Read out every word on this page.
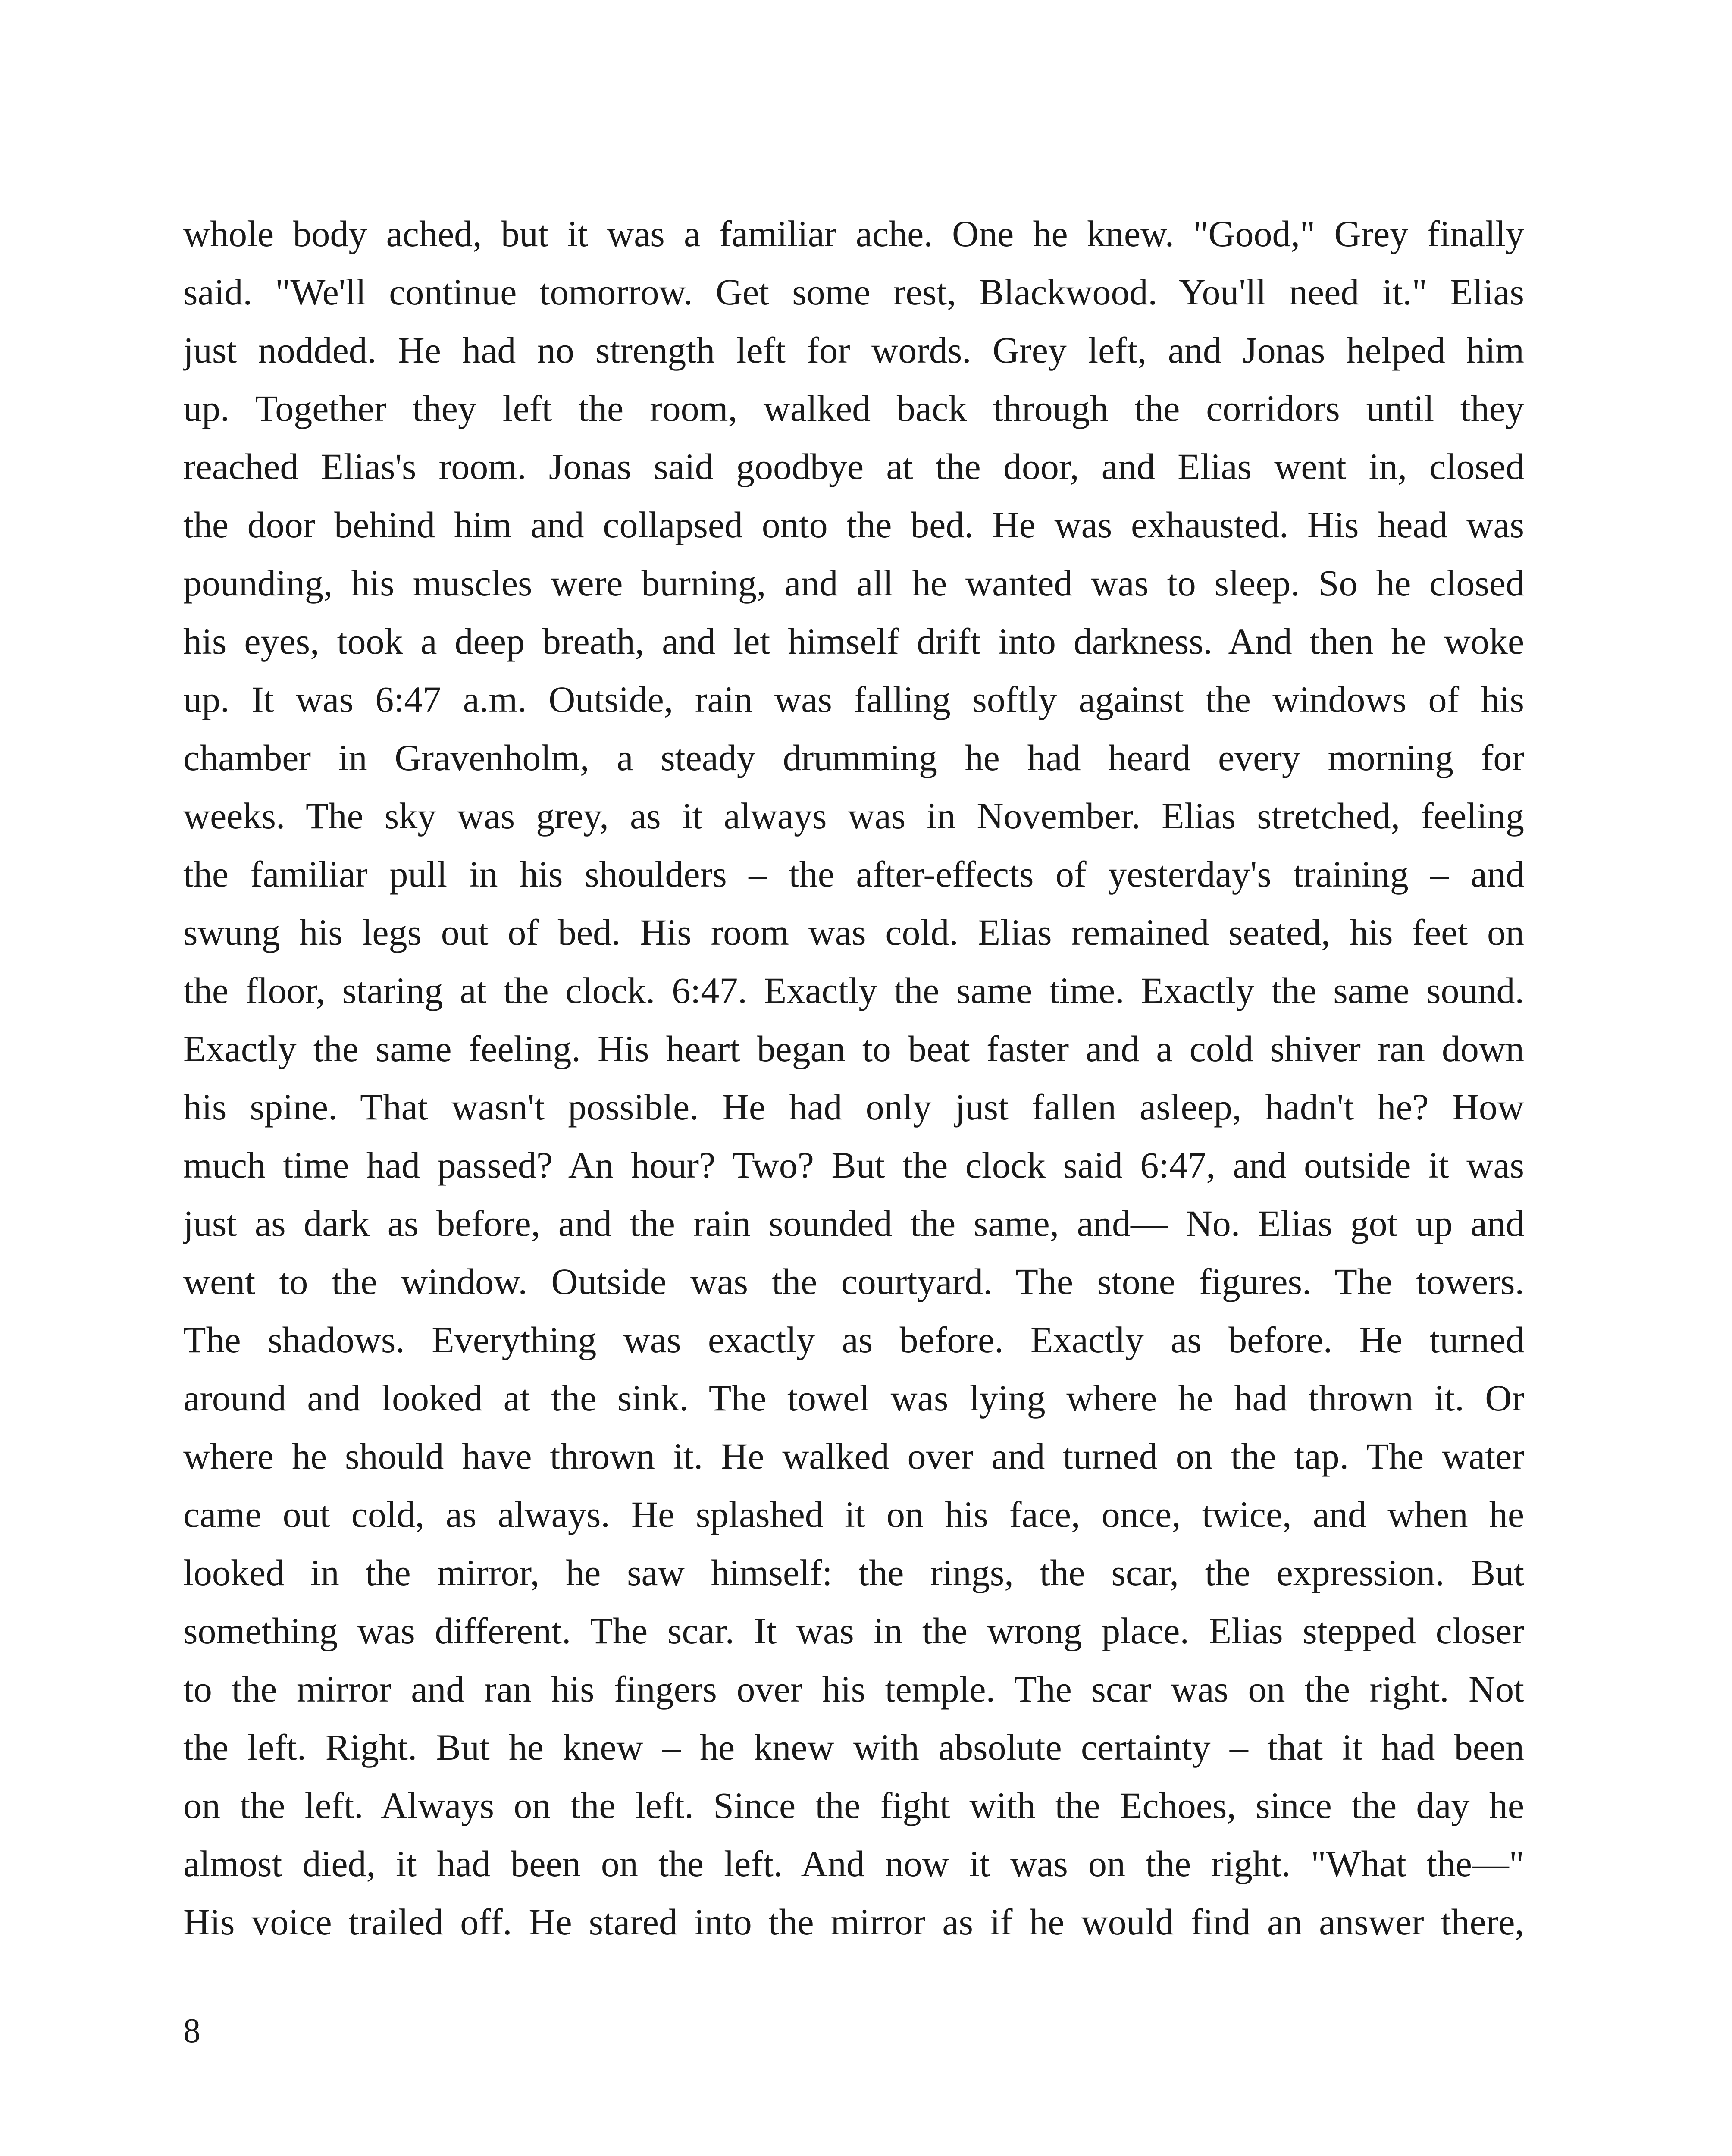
whole body ached, but it was a familiar ache. One he knew. "Good," Grey finally
said. "We'll continue tomorrow. Get some rest, Blackwood. You'll need it." Elias
just nodded. He had no strength left for words. Grey left, and Jonas helped him
up. Together they left the room, walked back through the corridors until they
reached Elias's room. Jonas said goodbye at the door, and Elias went in, closed
the door behind him and collapsed onto the bed. He was exhausted. His head was
pounding, his muscles were burning, and all he wanted was to sleep. So he closed
his eyes, took a deep breath, and let himself drift into darkness. And then he woke
up. It was 6:47 a.m. Outside, rain was falling softly against the windows of his
chamber in Gravenholm, a steady drumming he had heard every morning for
weeks. The sky was grey, as it always was in November. Elias stretched, feeling
the familiar pull in his shoulders – the after-effects of yesterday's training – and
swung his legs out of bed. His room was cold. Elias remained seated, his feet on
the floor, staring at the clock. 6:47. Exactly the same time. Exactly the same sound.
Exactly the same feeling. His heart began to beat faster and a cold shiver ran down
his spine. That wasn't possible. He had only just fallen asleep, hadn't he? How
much time had passed? An hour? Two? But the clock said 6:47, and outside it was
just as dark as before, and the rain sounded the same, and— No. Elias got up and
went to the window. Outside was the courtyard. The stone figures. The towers.
The shadows. Everything was exactly as before. Exactly as before. He turned
around and looked at the sink. The towel was lying where he had thrown it. Or
where he should have thrown it. He walked over and turned on the tap. The water
came out cold, as always. He splashed it on his face, once, twice, and when he
looked in the mirror, he saw himself: the rings, the scar, the expression. But
something was different. The scar. It was in the wrong place. Elias stepped closer
to the mirror and ran his fingers over his temple. The scar was on the right. Not
the left. Right. But he knew – he knew with absolute certainty – that it had been
on the left. Always on the left. Since the fight with the Echoes, since the day he
almost died, it had been on the left. And now it was on the right. "What the—"
His voice trailed off. He stared into the mirror as if he would find an answer there,
8
